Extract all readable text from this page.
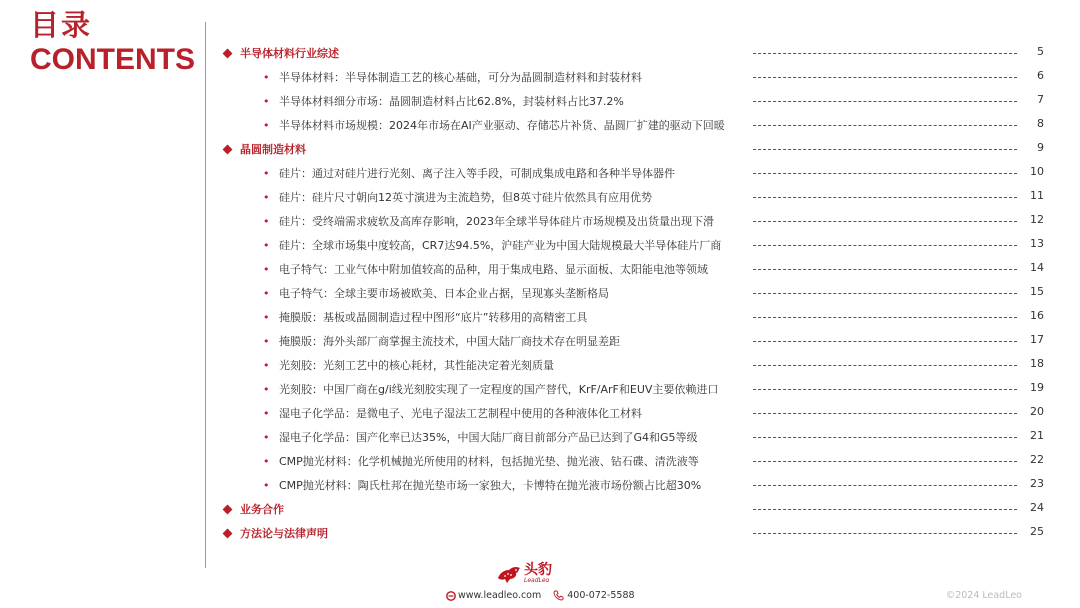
目录
CONTENTS	半导体材料行业综述	5
• 半导体材料：半导体制造工艺的核心基础，可分为晶圆制造材料和封装材料	6
• 半导体材料细分市场：晶圆制造材料占比62.8%，封装材料占比37.2%	7
• 半导体材料市场规模：2024年市场在AI产业驱动、存储芯片补货、晶圆厂扩建的驱动下回暖	8
晶圆制造材料	9
• 硅片：通过对硅片进行光刻、离子注入等手段，可制成集成电路和各种半导体器件	10
• 硅片：硅片尺寸朝向12英寸演进为主流趋势，但8英寸硅片依然具有应用优势	11
• 硅片：受终端需求疲软及高库存影响，2023年全球半导体硅片市场规模及出货量出现下滑	12
• 硅片：全球市场集中度较高，CR7达94.5%，沪硅产业为中国大陆规模最大半导体硅片厂商	13
• 电子特气：工业气体中附加值较高的品种，用于集成电路、显示面板、太阳能电池等领域	14
• 电子特气：全球主要市场被欧美、日本企业占据，呈现寡头垄断格局	15
• 掩膜版：基板或晶圆制造过程中图形“底片”转移用的高精密工具	16
• 掩膜版：海外头部厂商掌握主流技术，中国大陆厂商技术存在明显差距	17
• 光刻胶：光刻工艺中的核心耗材，其性能决定着光刻质量	18
• 光刻胶：中国厂商在g/i线光刻胶实现了一定程度的国产替代，KrF/ArF和EUV主要依赖进口	19
• 湿电子化学品：是微电子、光电子湿法工艺制程中使用的各种液体化工材料	20
• 湿电子化学品：国产化率已达35%，中国大陆厂商目前部分产品已达到了G4和G5等级	21
• CMP抛光材料：化学机械抛光所使用的材料，包括抛光垫、抛光液、钻石碟、清洗液等	22
• CMP抛光材料：陶氏杜邦在抛光垫市场一家独大，卡博特在抛光液市场份额占比超30%	23
业务合作	24
方法论与法律声明	25
头豹
LeadLeo
www.leadleo.com	400-072-5588	©2024 LeadLeo
